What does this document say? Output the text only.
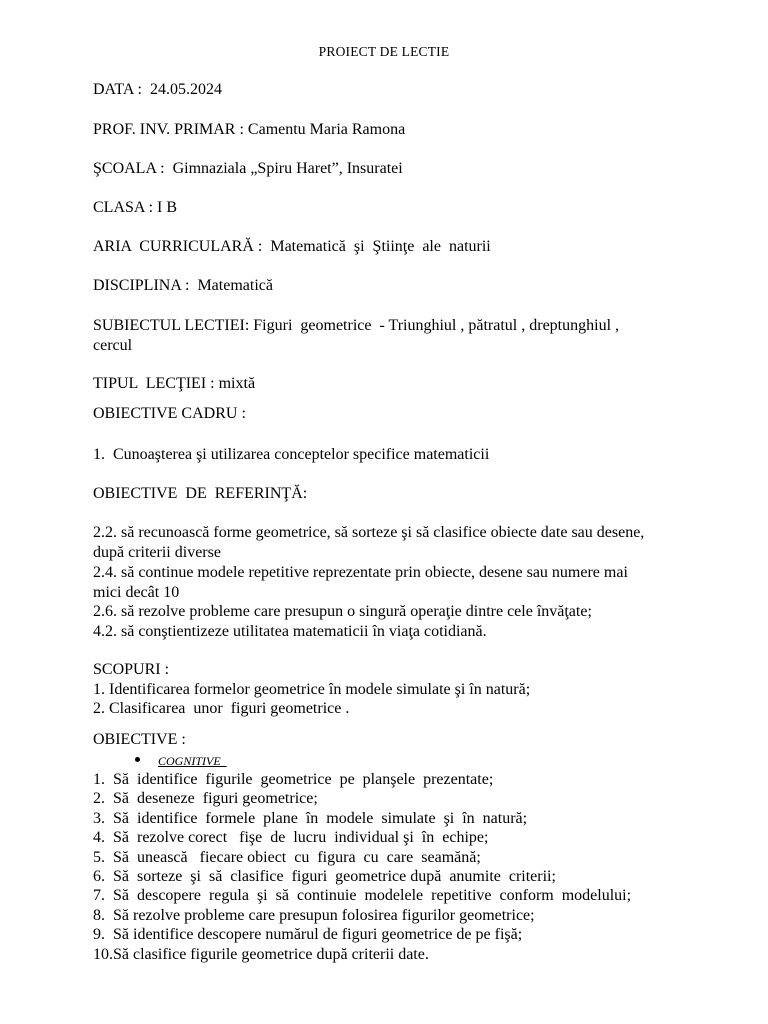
PROIECT DE LECTIE
DATA :  24.05.2024
PROF. INV. PRIMAR : Camentu Maria Ramona
ŞCOALA :  Gimnaziala „Spiru Haret”, Insuratei
CLASA : I B
ARIA  CURRICULARĂ :  Matematică  şi  Ştiinţe  ale  naturii
DISCIPLINA :  Matematică
SUBIECTUL LECTIEI: Figuri  geometrice  - Triunghiul , pătratul , dreptunghiul ,
cercul
TIPUL  LECŢIEI : mixtă
OBIECTIVE CADRU :
1.  Cunoaşterea şi utilizarea conceptelor specifice matematicii
OBIECTIVE  DE  REFERINŢĂ:
2.2. să recunoască forme geometrice, să sorteze şi să clasifice obiecte date sau desene,
după criterii diverse
2.4. să continue modele repetitive reprezentate prin obiecte, desene sau numere mai
mici decât 10
2.6. să rezolve probleme care presupun o singură operaţie dintre cele învăţate;
4.2. să conştientizeze utilitatea matematicii în viaţa cotidiană.
SCOPURI :
1. Identificarea formelor geometrice în modele simulate şi în natură;
2. Clasificarea  unor  figuri geometrice .
OBIECTIVE :
COGNITIVE
1.  Să  identifice  figurile  geometrice  pe  planşele  prezentate;
2.  Să  deseneze  figuri geometrice;
3.  Să  identifice  formele  plane  în  modele  simulate  şi  în  natură;
4.  Să  rezolve corect   fişe  de  lucru  individual şi  în  echipe;
5.  Să  unească   fiecare obiect  cu  figura  cu  care  seamănă;
6.  Să  sorteze  şi  să  clasifice  figuri  geometrice după  anumite  criterii;
7.  Să  descopere  regula  şi  să  continuie  modelele  repetitive  conform  modelului;
8.  Să rezolve probleme care presupun folosirea figurilor geometrice;
9.  Să identifice descopere numărul de figuri geometrice de pe fişă;
10.Să clasifice figurile geometrice după criterii date.
